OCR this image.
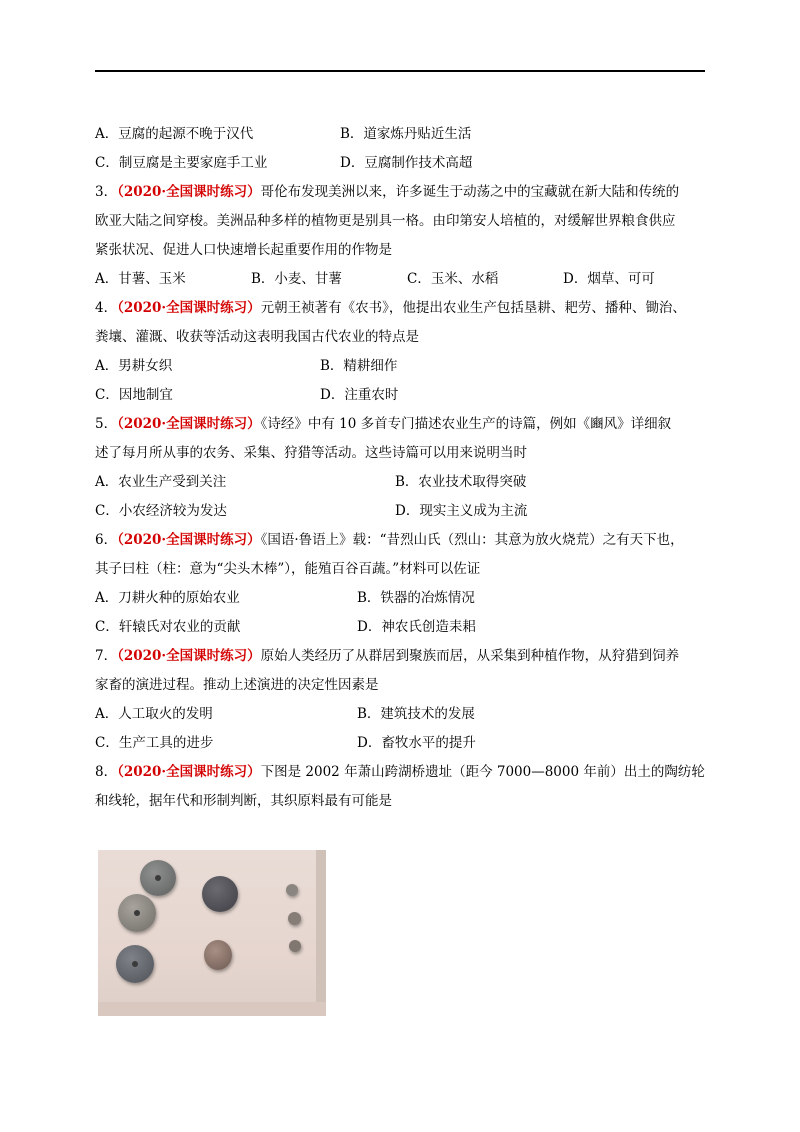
A．豆腐的起源不晚于汉代	B．道家炼丹贴近生活
C．制豆腐是主要家庭手工业	D．豆腐制作技术高超
3．（2020·全国课时练习）哥伦布发现美洲以来，许多诞生于动荡之中的宝藏就在新大陆和传统的
欧亚大陆之间穿梭。美洲品种多样的植物更是别具一格。由印第安人培植的，对缓解世界粮食供应
紧张状况、促进人口快速增长起重要作用的作物是
A．甘薯、玉米	B．小麦、甘薯	C．玉米、水稻	D．烟草、可可
4．（2020·全国课时练习）元朝王祯著有《农书》，他提出农业生产包括垦耕、耙劳、播种、锄治、
粪壤、灌溉、收获等活动这表明我国古代农业的特点是
A．男耕女织	B．精耕细作
C．因地制宜	D．注重农时
5．（2020·全国课时练习）《诗经》中有 10 多首专门描述农业生产的诗篇，例如《豳风》详细叙
述了每月所从事的农务、采集、狩猎等活动。这些诗篇可以用来说明当时
A．农业生产受到关注	B．农业技术取得突破
C．小农经济较为发达	D．现实主义成为主流
6．（2020·全国课时练习）《国语·鲁语上》载：“昔烈山氏（烈山：其意为放火烧荒）之有天下也，
其子曰柱（柱：意为“尖头木棒”），能殖百谷百蔬。”材料可以佐证
A．刀耕火种的原始农业	B．铁器的冶炼情况
C．轩辕氏对农业的贡献	D．神农氏创造耒耜
7．（2020·全国课时练习）原始人类经历了从群居到聚族而居，从采集到种植作物，从狩猎到饲养
家畜的演进过程。推动上述演进的决定性因素是
A．人工取火的发明	B．建筑技术的发展
C．生产工具的进步	D．畜牧水平的提升
8．（2020·全国课时练习）下图是 2002 年萧山跨湖桥遗址（距今 7000—8000 年前）出土的陶纺轮
和线轮，据年代和形制判断，其织原料最有可能是
